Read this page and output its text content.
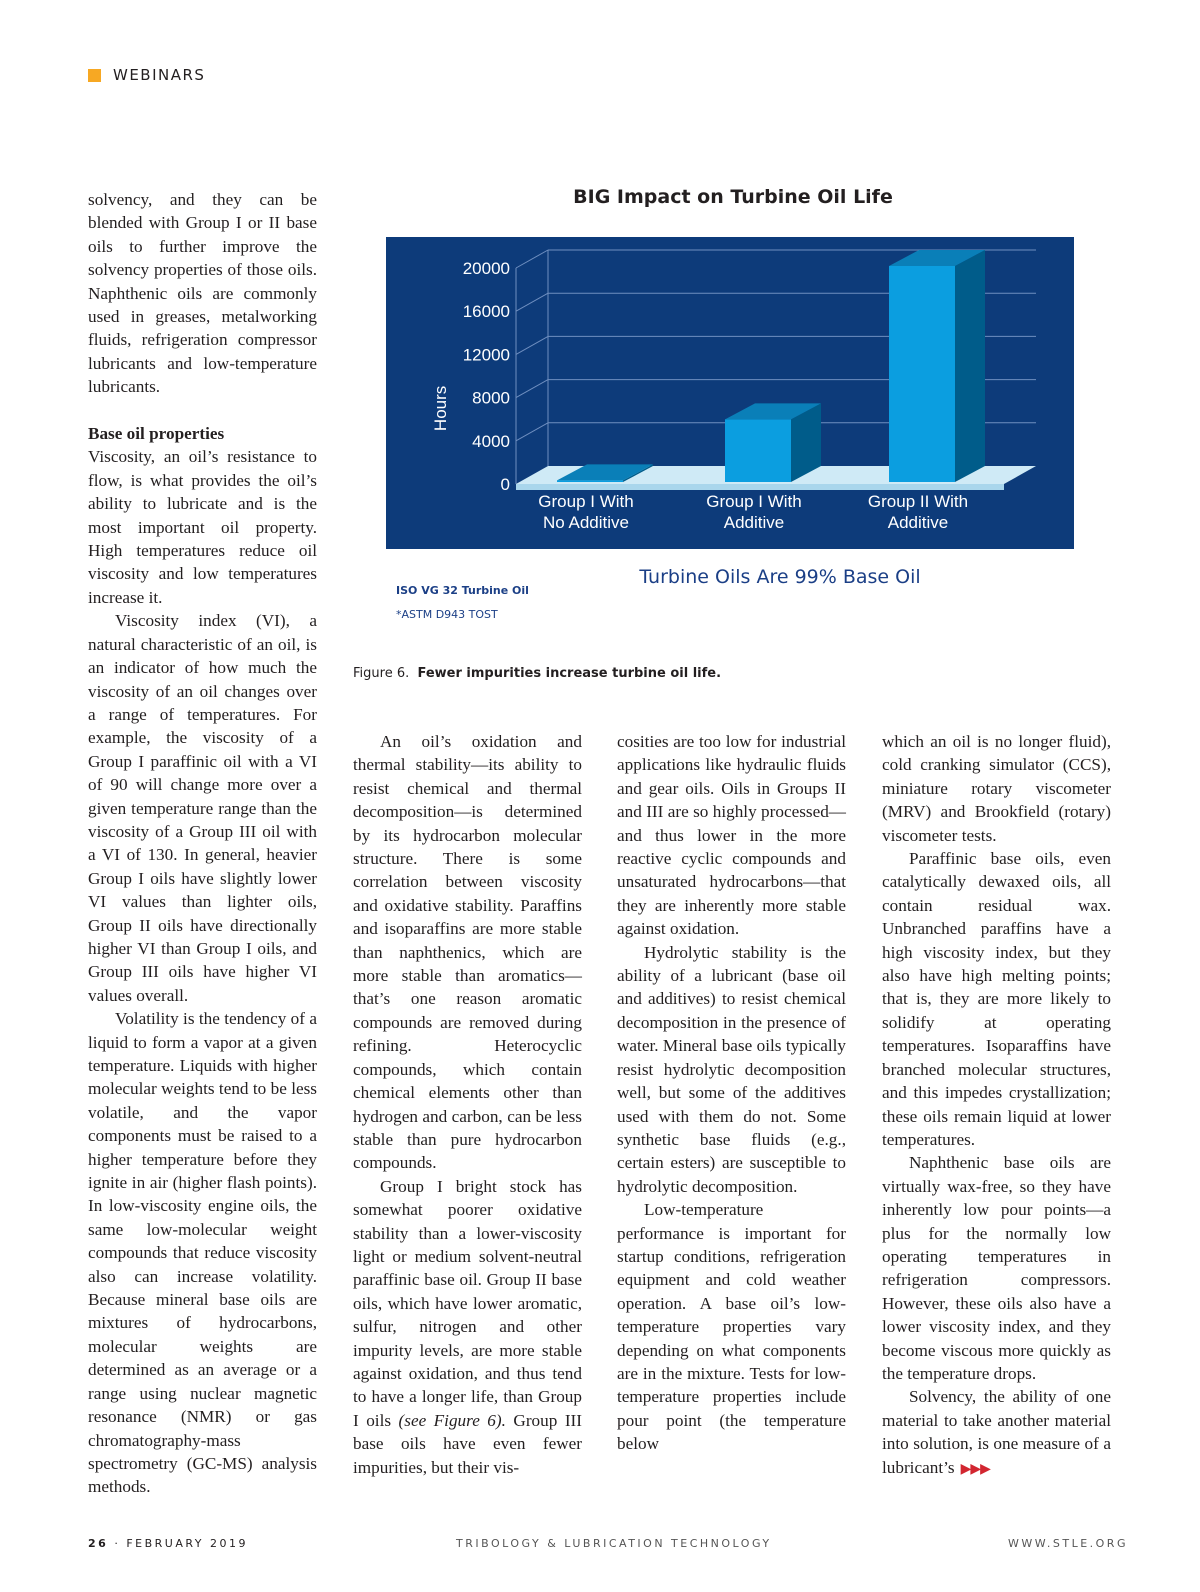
WEBINARS

solvency, and they can be blended with Group I or II base oils to further improve the solvency properties of those oils. Naphthenic oils are commonly used in greases, metalworking fluids, refrigeration compressor lubricants and low-temperature lubricants.

Base oil properties

Viscosity, an oil’s resistance to flow, is what provides the oil’s ability to lubricate and is the most important oil property. High temperatures reduce oil viscosity and low temperatures increase it.

Viscosity index (VI), a natural characteristic of an oil, is an indicator of how much the viscosity of an oil changes over a range of temperatures. For example, the viscosity of a Group I paraffinic oil with a VI of 90 will change more over a given temperature range than the viscosity of a Group III oil with a VI of 130. In general, heavier Group I oils have slightly lower VI values than lighter oils, Group II oils have directionally higher VI than Group I oils, and Group III oils have higher VI values overall.

Volatility is the tendency of a liquid to form a vapor at a given temperature. Liquids with higher molecular weights tend to be less volatile, and the vapor components must be raised to a higher temperature before they ignite in air (higher flash points). In low-viscosity engine oils, the same low-molecular weight compounds that reduce viscosity also can increase volatility. Because mineral base oils are mixtures of hydrocarbons, molecular weights are determined as an average or a range using nuclear magnetic resonance (NMR) or gas chromatography-mass spectrometry (GC-MS) analysis methods.

BIG Impact on Turbine Oil Life
0
4000
8000
12000
16000
20000
Hours
Group I With
No Additive
Group I With
Additive
Group II With
Additive
Turbine Oils Are 99% Base Oil
ISO VG 32 Turbine Oil
*ASTM D943 TOST
Figure 6. Fewer impurities increase turbine oil life.

An oil’s oxidation and thermal stability—its ability to resist chemical and thermal decomposition—is determined by its hydrocarbon molecular structure. There is some correlation between viscosity and oxidative stability. Paraffins and isoparaffins are more stable than naphthenics, which are more stable than aromatics—that’s one reason aromatic compounds are removed during refining. Heterocyclic compounds, which contain chemical elements other than hydrogen and carbon, can be less stable than pure hydrocarbon compounds.

Group I bright stock has somewhat poorer oxidative stability than a lower-viscosity light or medium solvent-neutral paraffinic base oil. Group II base oils, which have lower aromatic, sulfur, nitrogen and other impurity levels, are more stable against oxidation, and thus tend to have a longer life, than Group I oils (see Figure 6). Group III base oils have even fewer impurities, but their vis-

cosities are too low for industrial applications like hydraulic fluids and gear oils. Oils in Groups II and III are so highly processed—and thus lower in the more reactive cyclic compounds and unsaturated hydrocarbons—that they are inherently more stable against oxidation.

Hydrolytic stability is the ability of a lubricant (base oil and additives) to resist chemical decomposition in the presence of water. Mineral base oils typically resist hydrolytic decomposition well, but some of the additives used with them do not. Some synthetic base fluids (e.g., certain esters) are susceptible to hydrolytic decomposition.

Low-temperature performance is important for startup conditions, refrigeration equipment and cold weather operation. A base oil’s low-temperature properties vary depending on what components are in the mixture. Tests for low-temperature properties include pour point (the temperature below

which an oil is no longer fluid), cold cranking simulator (CCS), miniature rotary viscometer (MRV) and Brookfield (rotary) viscometer tests.

Paraffinic base oils, even catalytically dewaxed oils, all contain residual wax. Unbranched paraffins have a high viscosity index, but they also have high melting points; that is, they are more likely to solidify at operating temperatures. Isoparaffins have branched molecular structures, and this impedes crystallization; these oils remain liquid at lower temperatures.

Naphthenic base oils are virtually wax-free, so they have inherently low pour points—a plus for the normally low operating temperatures in refrigeration compressors. However, these oils also have a lower viscosity index, and they become viscous more quickly as the temperature drops.

Solvency, the ability of one material to take another material into solution, is one measure of a lubricant’s ▶▶▶

26 · FEBRUARY 2019	TRIBOLOGY & LUBRICATION TECHNOLOGY	WWW.STLE.ORG
